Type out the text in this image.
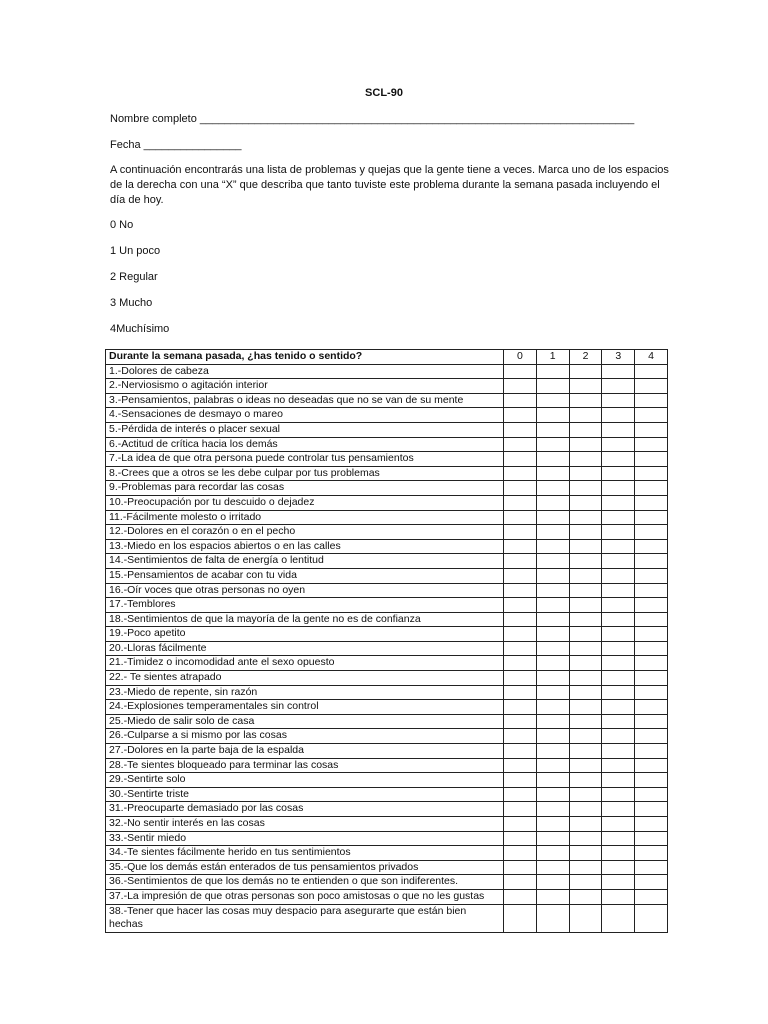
SCL-90
Nombre completo _______________________________________________________________________
Fecha ________________
A continuación encontrarás una lista de problemas y quejas que la gente tiene a veces. Marca uno de los espacios de la derecha con una “X” que describa que tanto tuviste este problema durante la semana pasada incluyendo el día de hoy.
0 No
1 Un poco
2 Regular
3 Mucho
4Muchísimo
Durante la semana pasada, ¿has tenido o sentido?	0	1	2	3	4
1.-Dolores de cabeza					
2.-Nerviosismo o agitación interior					
3.-Pensamientos, palabras o ideas no deseadas que no se van de su mente					
4.-Sensaciones de desmayo o mareo					
5.-Pérdida de interés o placer sexual					
6.-Actitud de crítica hacia los demás					
7.-La idea de que otra persona puede controlar tus pensamientos					
8.-Crees que a otros se les debe culpar por tus problemas					
9.-Problemas para recordar las cosas					
10.-Preocupación por tu descuido o dejadez					
11.-Fácilmente molesto o irritado					
12.-Dolores en el corazón o en el pecho					
13.-Miedo en los espacios abiertos o en las calles					
14.-Sentimientos de falta de energía o lentitud					
15.-Pensamientos de acabar con tu vida					
16.-Oír voces que otras personas no oyen					
17.-Temblores					
18.-Sentimientos de que la mayoría de la gente no es de confianza					
19.-Poco apetito					
20.-Lloras fácilmente					
21.-Timidez o incomodidad ante el sexo opuesto					
22.- Te sientes atrapado					
23.-Miedo de repente, sin razón					
24.-Explosiones temperamentales sin control					
25.-Miedo de salir solo de casa					
26.-Culparse a si mismo por las cosas					
27.-Dolores en la parte baja de la espalda					
28.-Te sientes bloqueado para terminar las cosas					
29.-Sentirte solo					
30.-Sentirte triste					
31.-Preocuparte demasiado por las cosas					
32.-No sentir interés en las cosas					
33.-Sentir miedo					
34.-Te sientes fácilmente herido en tus sentimientos					
35.-Que los demás están enterados de tus pensamientos privados					
36.-Sentimientos de que los demás no te entienden o que son indiferentes.					
37.-La impresión de que otras personas son poco amistosas o que no les gustas					
38.-Tener que hacer las cosas muy despacio para asegurarte que están bien hechas					
